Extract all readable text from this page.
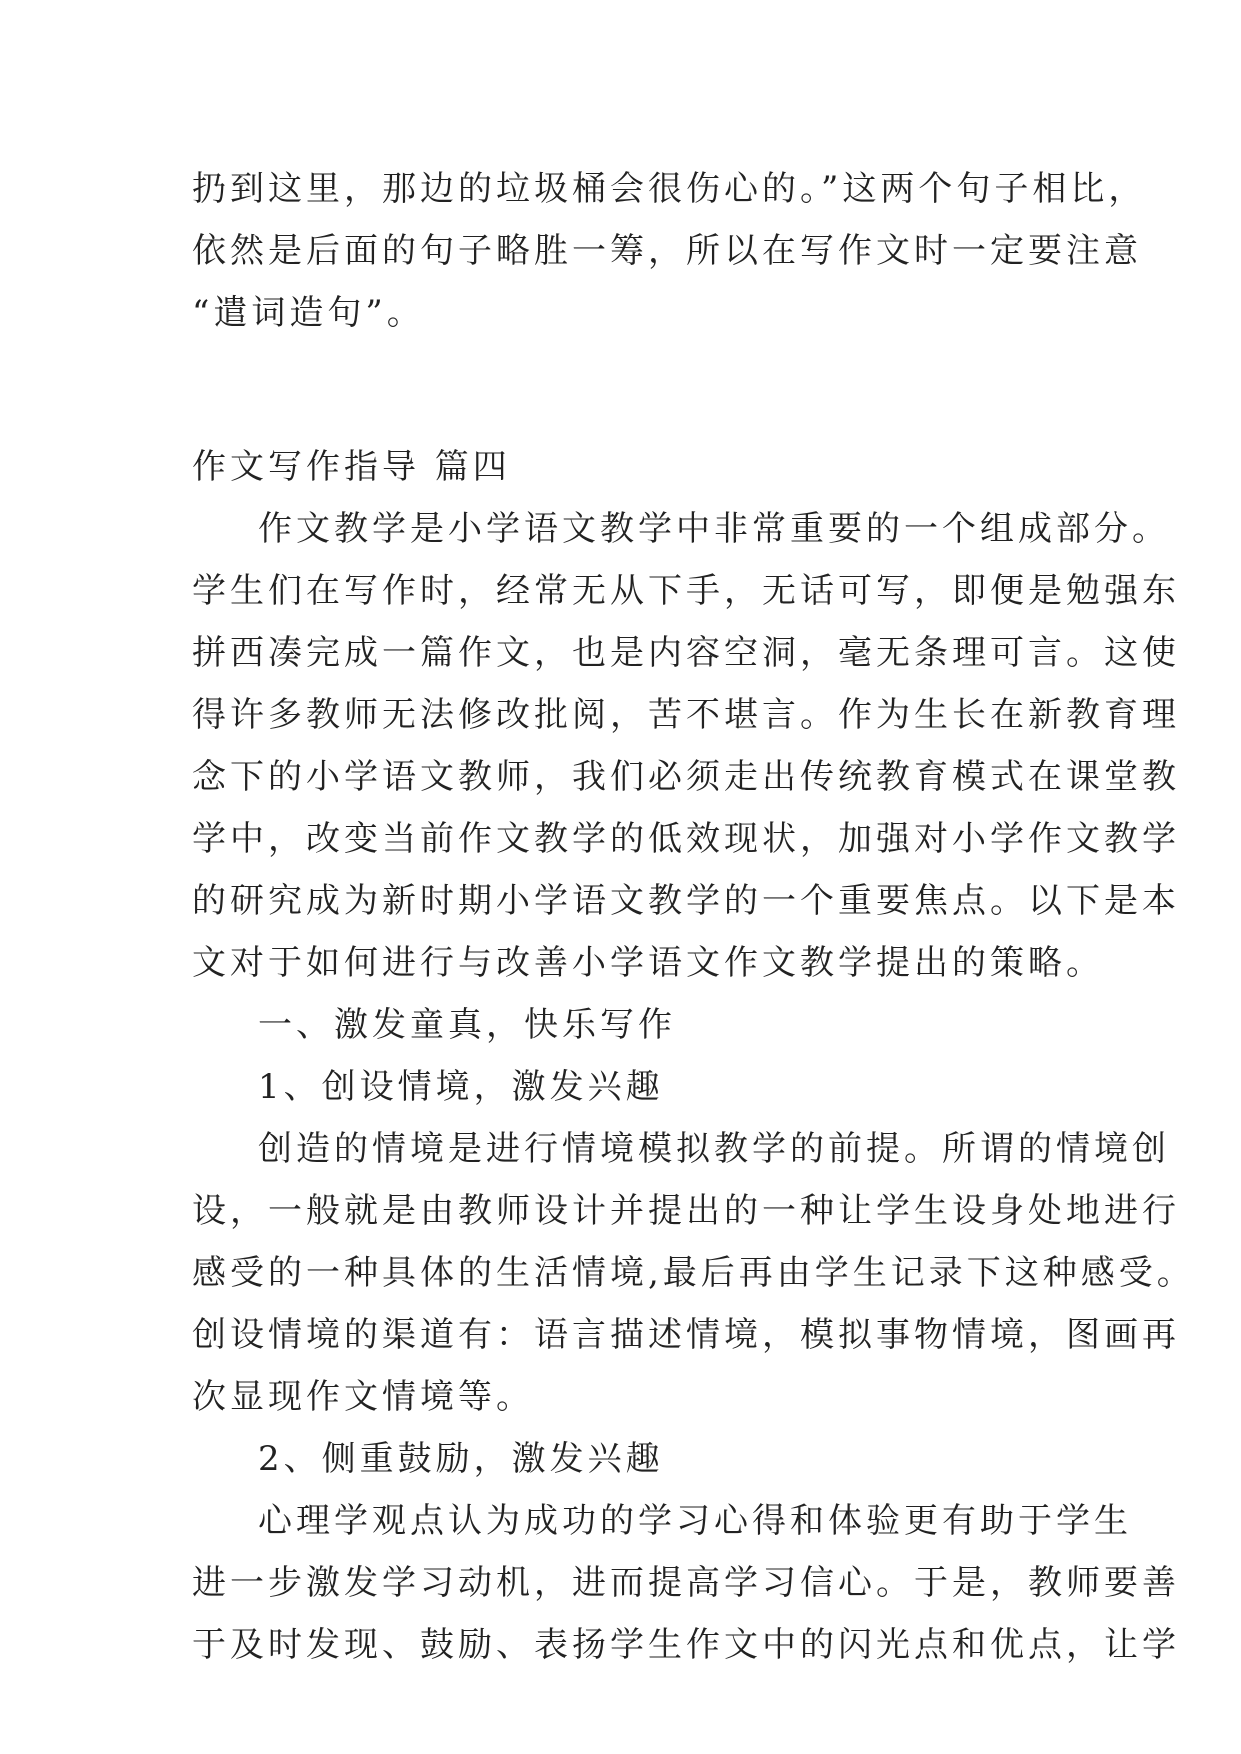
扔到这里，那边的垃圾桶会很伤心的。”这两个句子相比，
依然是后面的句子略胜一筹，所以在写作文时一定要注意
“遣词造句”。
作文写作指导 篇四
作文教学是小学语文教学中非常重要的一个组成部分。
学生们在写作时，经常无从下手，无话可写，即便是勉强东
拼西凑完成一篇作文，也是内容空洞，毫无条理可言。这使
得许多教师无法修改批阅，苦不堪言。作为生长在新教育理
念下的小学语文教师，我们必须走出传统教育模式在课堂教
学中，改变当前作文教学的低效现状，加强对小学作文教学
的研究成为新时期小学语文教学的一个重要焦点。以下是本
文对于如何进行与改善小学语文作文教学提出的策略。
一、激发童真，快乐写作
1、创设情境，激发兴趣
创造的情境是进行情境模拟教学的前提。所谓的情境创
设，一般就是由教师设计并提出的一种让学生设身处地进行
感受的一种具体的生活情境,最后再由学生记录下这种感受。
创设情境的渠道有：语言描述情境，模拟事物情境，图画再
次显现作文情境等。
2、侧重鼓励，激发兴趣
心理学观点认为成功的学习心得和体验更有助于学生
进一步激发学习动机，进而提高学习信心。于是，教师要善
于及时发现、鼓励、表扬学生作文中的闪光点和优点，让学
